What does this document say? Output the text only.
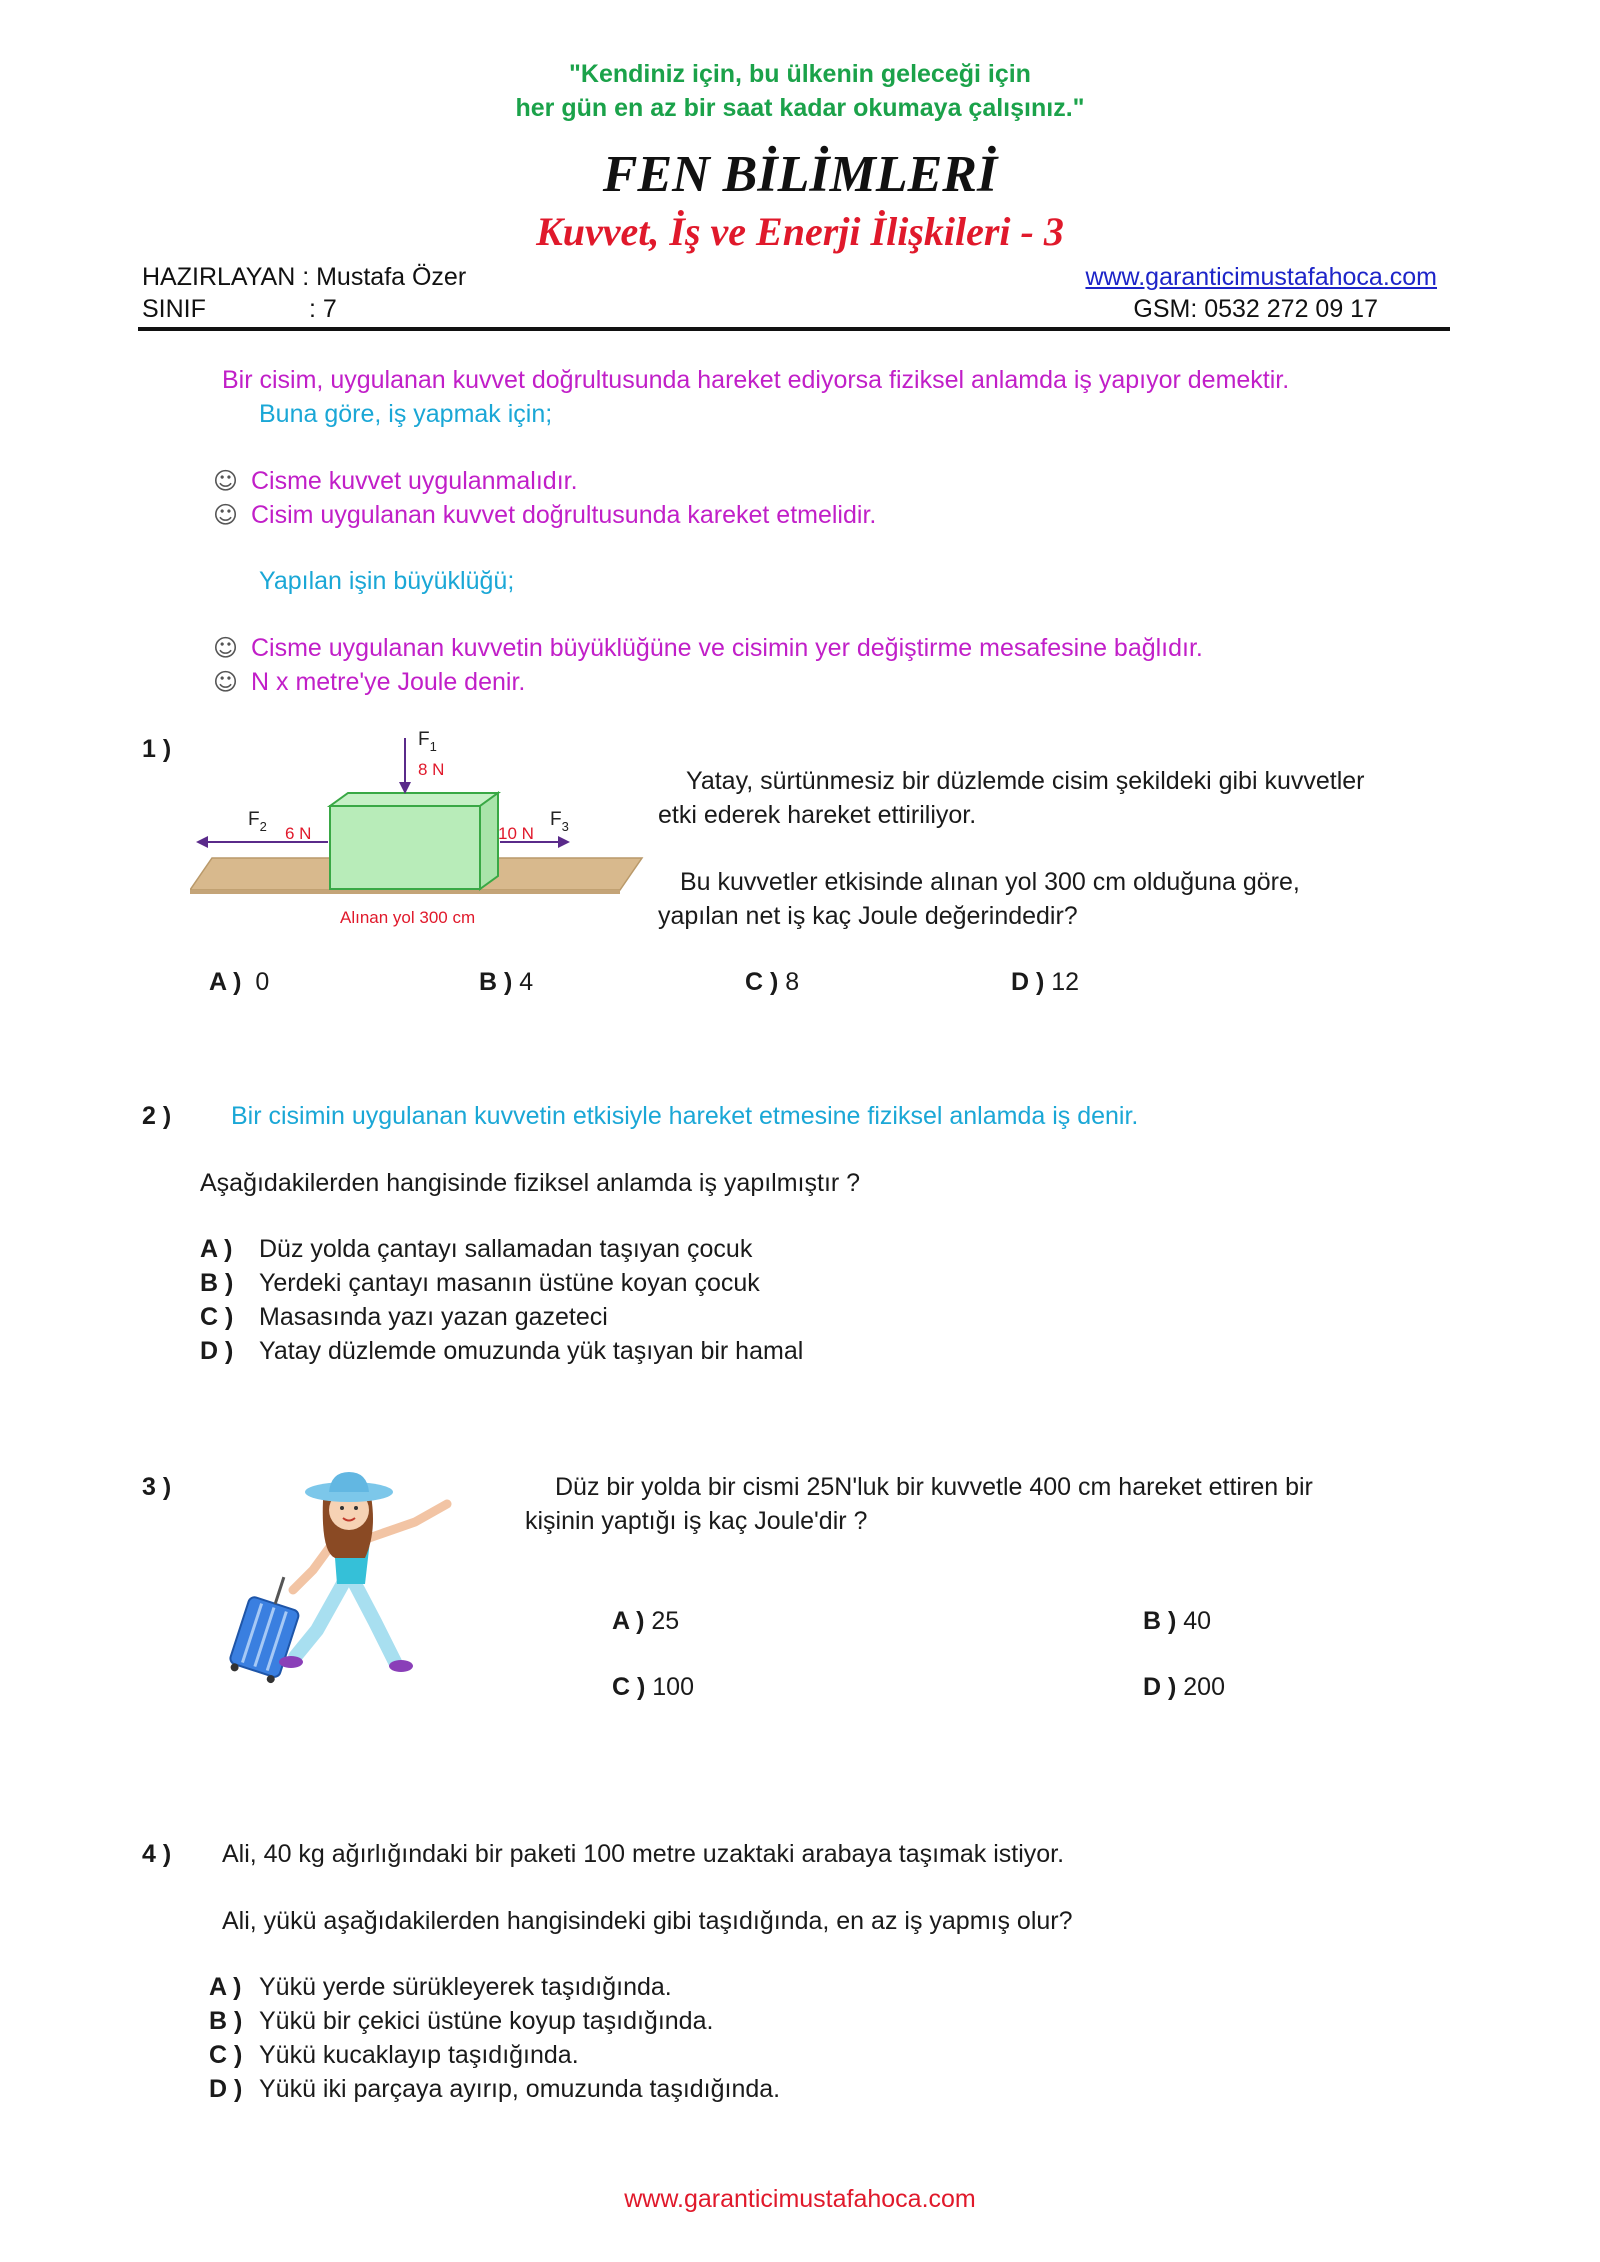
"Kendiniz için, bu ülkenin geleceği için
her gün en az bir saat kadar okumaya çalışınız."
FEN BİLİMLERİ
Kuvvet, İş ve Enerji İlişkileri - 3
HAZIRLAYAN : Mustafa Özer	www.garanticimustafahoca.com
SINIF	: 7	GSM: 0532 272 09 17
Bir cisim, uygulanan kuvvet doğrultusunda hareket ediyorsa fiziksel anlamda iş yapıyor demektir.
Buna göre, iş yapmak için;
☺ Cisme kuvvet uygulanmalıdır.
☺ Cisim uygulanan kuvvet doğrultusunda kareket etmelidir.
Yapılan işin büyüklüğü;
☺ Cisme uygulanan kuvvetin büyüklüğüne ve cisimin yer değiştirme mesafesine bağlıdır.
☺ N x metre'ye Joule denir.
1 )	$F_1$
8 N
$F_2$ 6 N
$F_3$
10 N
Alınan yol 300 cm
Yatay, sürtünmesiz bir düzlemde cisim şekildeki gibi kuvvetler
etki ederek hareket ettiriliyor.
Bu kuvvetler etkisinde alınan yol 300 cm olduğuna göre,
yapılan net iş kaç Joule değerindedir?
A ) 0	B ) 4	C ) 8	D ) 12
2 ) Bir cisimin uygulanan kuvvetin etkisiyle hareket etmesine fiziksel anlamda iş denir.
Aşağıdakilerden hangisinde fiziksel anlamda iş yapılmıştır ?
A ) Düz yolda çantayı sallamadan taşıyan çocuk
B ) Yerdeki çantayı masanın üstüne koyan çocuk
C ) Masasında yazı yazan gazeteci
D ) Yatay düzlemde omuzunda yük taşıyan bir hamal
3 )	Düz bir yolda bir cismi 25N'luk bir kuvvetle 400 cm hareket ettiren bir
kişinin yaptığı iş kaç Joule'dir ?
A ) 25	B ) 40
C ) 100	D ) 200
4 ) Ali, 40 kg ağırlığındaki bir paketi 100 metre uzaktaki arabaya taşımak istiyor.
Ali, yükü aşağıdakilerden hangisindeki gibi taşıdığında, en az iş yapmış olur?
A ) Yükü yerde sürükleyerek taşıdığında.
B ) Yükü bir çekici üstüne koyup taşıdığında.
C ) Yükü kucaklayıp taşıdığında.
D ) Yükü iki parçaya ayırıp, omuzunda taşıdığında.
www.garanticimustafahoca.com
